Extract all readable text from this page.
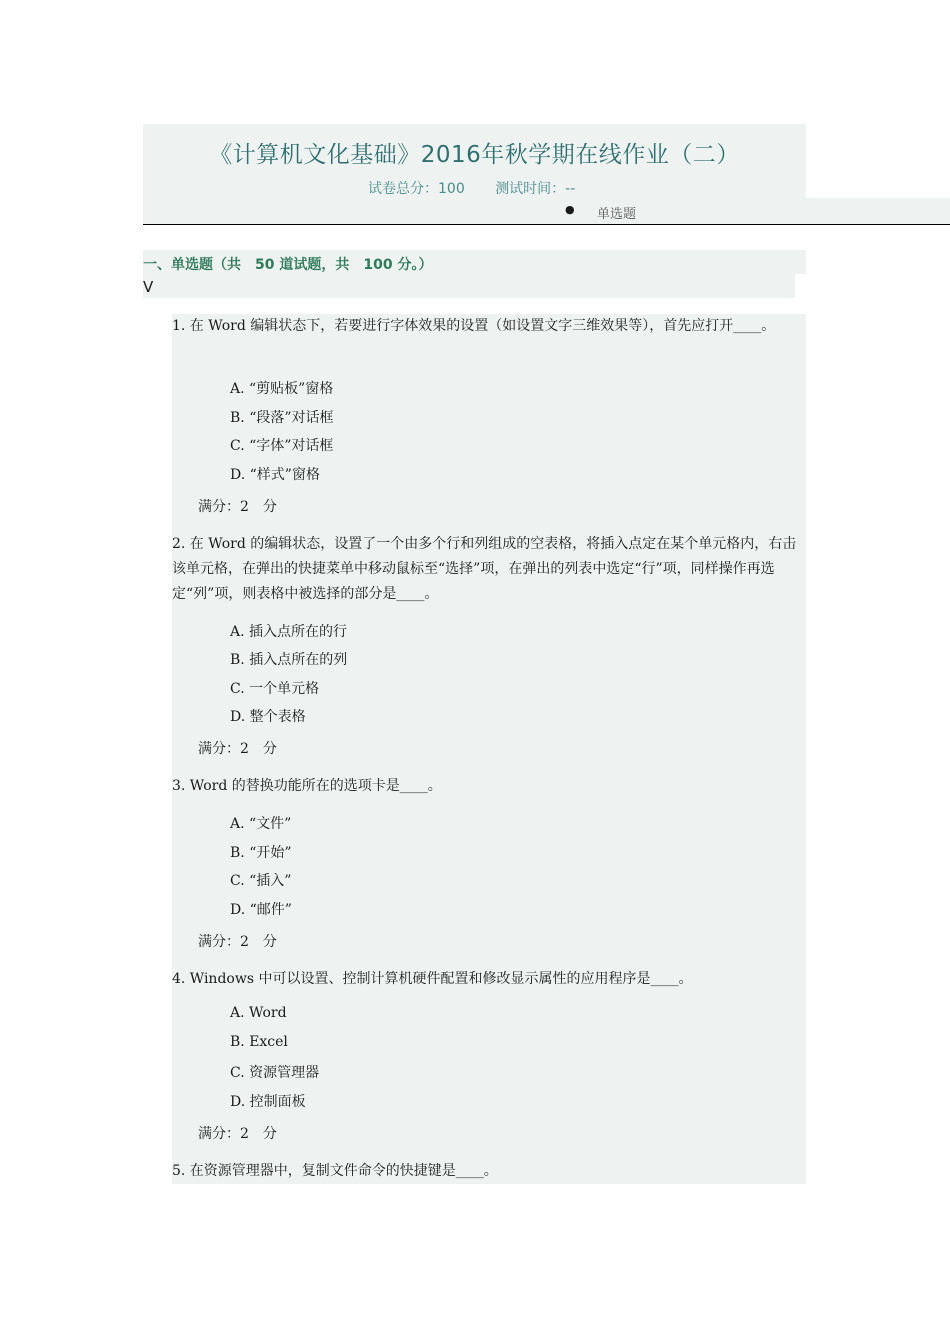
《计算机文化基础》2016年秋学期在线作业（二）
试卷总分：100 测试时间：--
● 单选题
一、单选题（共　50 道试题，共　100 分。）
V
1. 在 Word 编辑状态下，若要进行字体效果的设置（如设置文字三维效果等），首先应打开____。
A. “剪贴板”窗格
B. “段落”对话框
C. “字体”对话框
D. “样式”窗格
满分：2　分
2. 在 Word 的编辑状态，设置了一个由多个行和列组成的空表格，将插入点定在某个单元格内，右击该单元格，在弹出的快捷菜单中移动鼠标至“选择”项，在弹出的列表中选定“行”项，同样操作再选定“列”项，则表格中被选择的部分是____。
A. 插入点所在的行
B. 插入点所在的列
C. 一个单元格
D. 整个表格
满分：2　分
3. Word 的替换功能所在的选项卡是____。
A. “文件”
B. “开始”
C. “插入”
D. “邮件”
满分：2　分
4. Windows 中可以设置、控制计算机硬件配置和修改显示属性的应用程序是____。
A. Word
B. Excel
C. 资源管理器
D. 控制面板
满分：2　分
5. 在资源管理器中，复制文件命令的快捷键是____。
